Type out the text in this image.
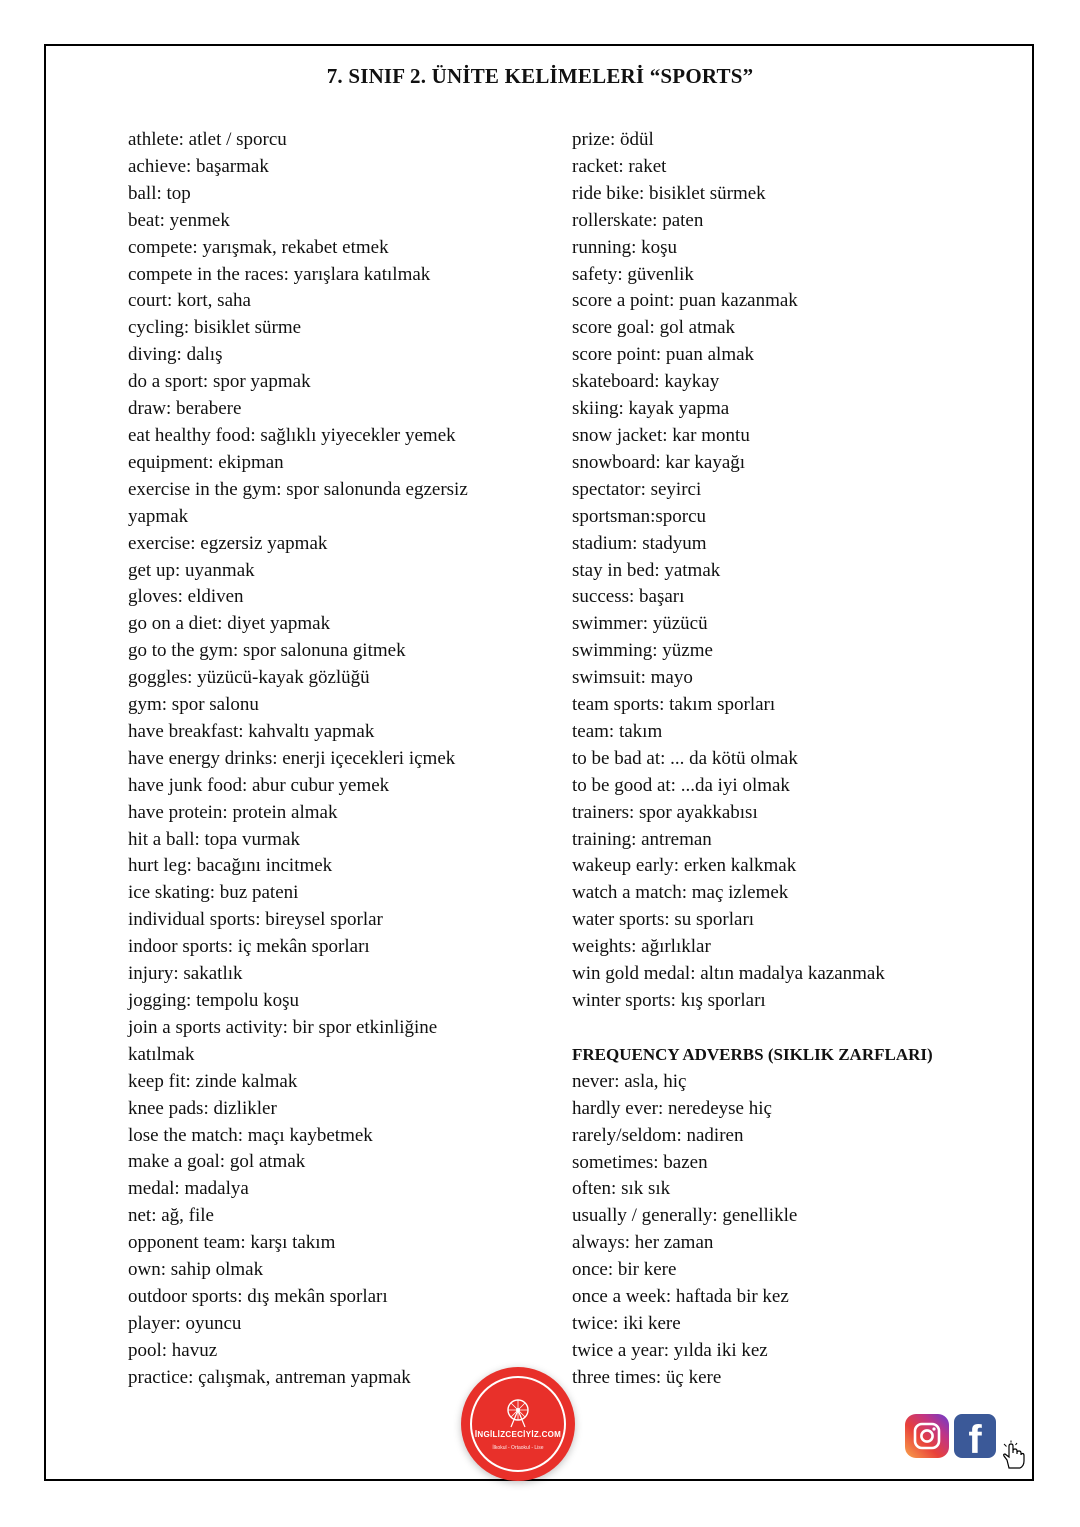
7. SINIF 2. ÜNİTE KELİMELERİ “SPORTS”
athlete: atlet / sporcu
achieve: başarmak
ball: top
beat: yenmek
compete: yarışmak, rekabet etmek
compete in the races: yarışlara katılmak
court: kort, saha
cycling: bisiklet sürme
diving: dalış
do a sport: spor yapmak
draw: berabere
eat healthy food: sağlıklı yiyecekler yemek
equipment: ekipman
exercise in the gym: spor salonunda egzersiz
yapmak
exercise: egzersiz yapmak
get up: uyanmak
gloves: eldiven
go on a diet: diyet yapmak
go to the gym: spor salonuna gitmek
goggles: yüzücü-kayak gözlüğü
gym: spor salonu
have breakfast: kahvaltı yapmak
have energy drinks: enerji içecekleri içmek
have junk food: abur cubur yemek
have protein: protein almak
hit a ball: topa vurmak
hurt leg: bacağını incitmek
ice skating: buz pateni
individual sports: bireysel sporlar
indoor sports: iç mekân sporları
injury: sakatlık
jogging: tempolu koşu
join a sports activity: bir spor etkinliğine
katılmak
keep fit: zinde kalmak
knee pads: dizlikler
lose the match: maçı kaybetmek
make a goal: gol atmak
medal: madalya
net: ağ, file
opponent team: karşı takım
own: sahip olmak
outdoor sports: dış mekân sporları
player: oyuncu
pool: havuz
practice: çalışmak, antreman yapmak
prize: ödül
racket: raket
ride bike: bisiklet sürmek
rollerskate: paten
running: koşu
safety: güvenlik
score a point: puan kazanmak
score goal: gol atmak
score point: puan almak
skateboard: kaykay
skiing: kayak yapma
snow jacket: kar montu
snowboard: kar kayağı
spectator: seyirci
sportsman:sporcu
stadium: stadyum
stay in bed: yatmak
success: başarı
swimmer: yüzücü
swimming: yüzme
swimsuit: mayo
team sports: takım sporları
team: takım
to be bad at: ... da kötü olmak
to be good at: ...da iyi olmak
trainers: spor ayakkabısı
training: antreman
wakeup early: erken kalkmak
watch a match: maç izlemek
water sports: su sporları
weights: ağırlıklar
win gold medal: altın madalya kazanmak
winter sports: kış sporları
FREQUENCY ADVERBS (SIKLIK ZARFLARI)
never: asla, hiç
hardly ever: neredeyse hiç
rarely/seldom: nadiren
sometimes: bazen
often: sık sık
usually / generally: genellikle
always: her zaman
once: bir kere
once a week: haftada bir kez
twice: iki kere
twice a year: yılda iki kez
three times: üç kere
İNGİLİZCECİYİZ.COM
İlkokul - Ortaokul - Lise	f
